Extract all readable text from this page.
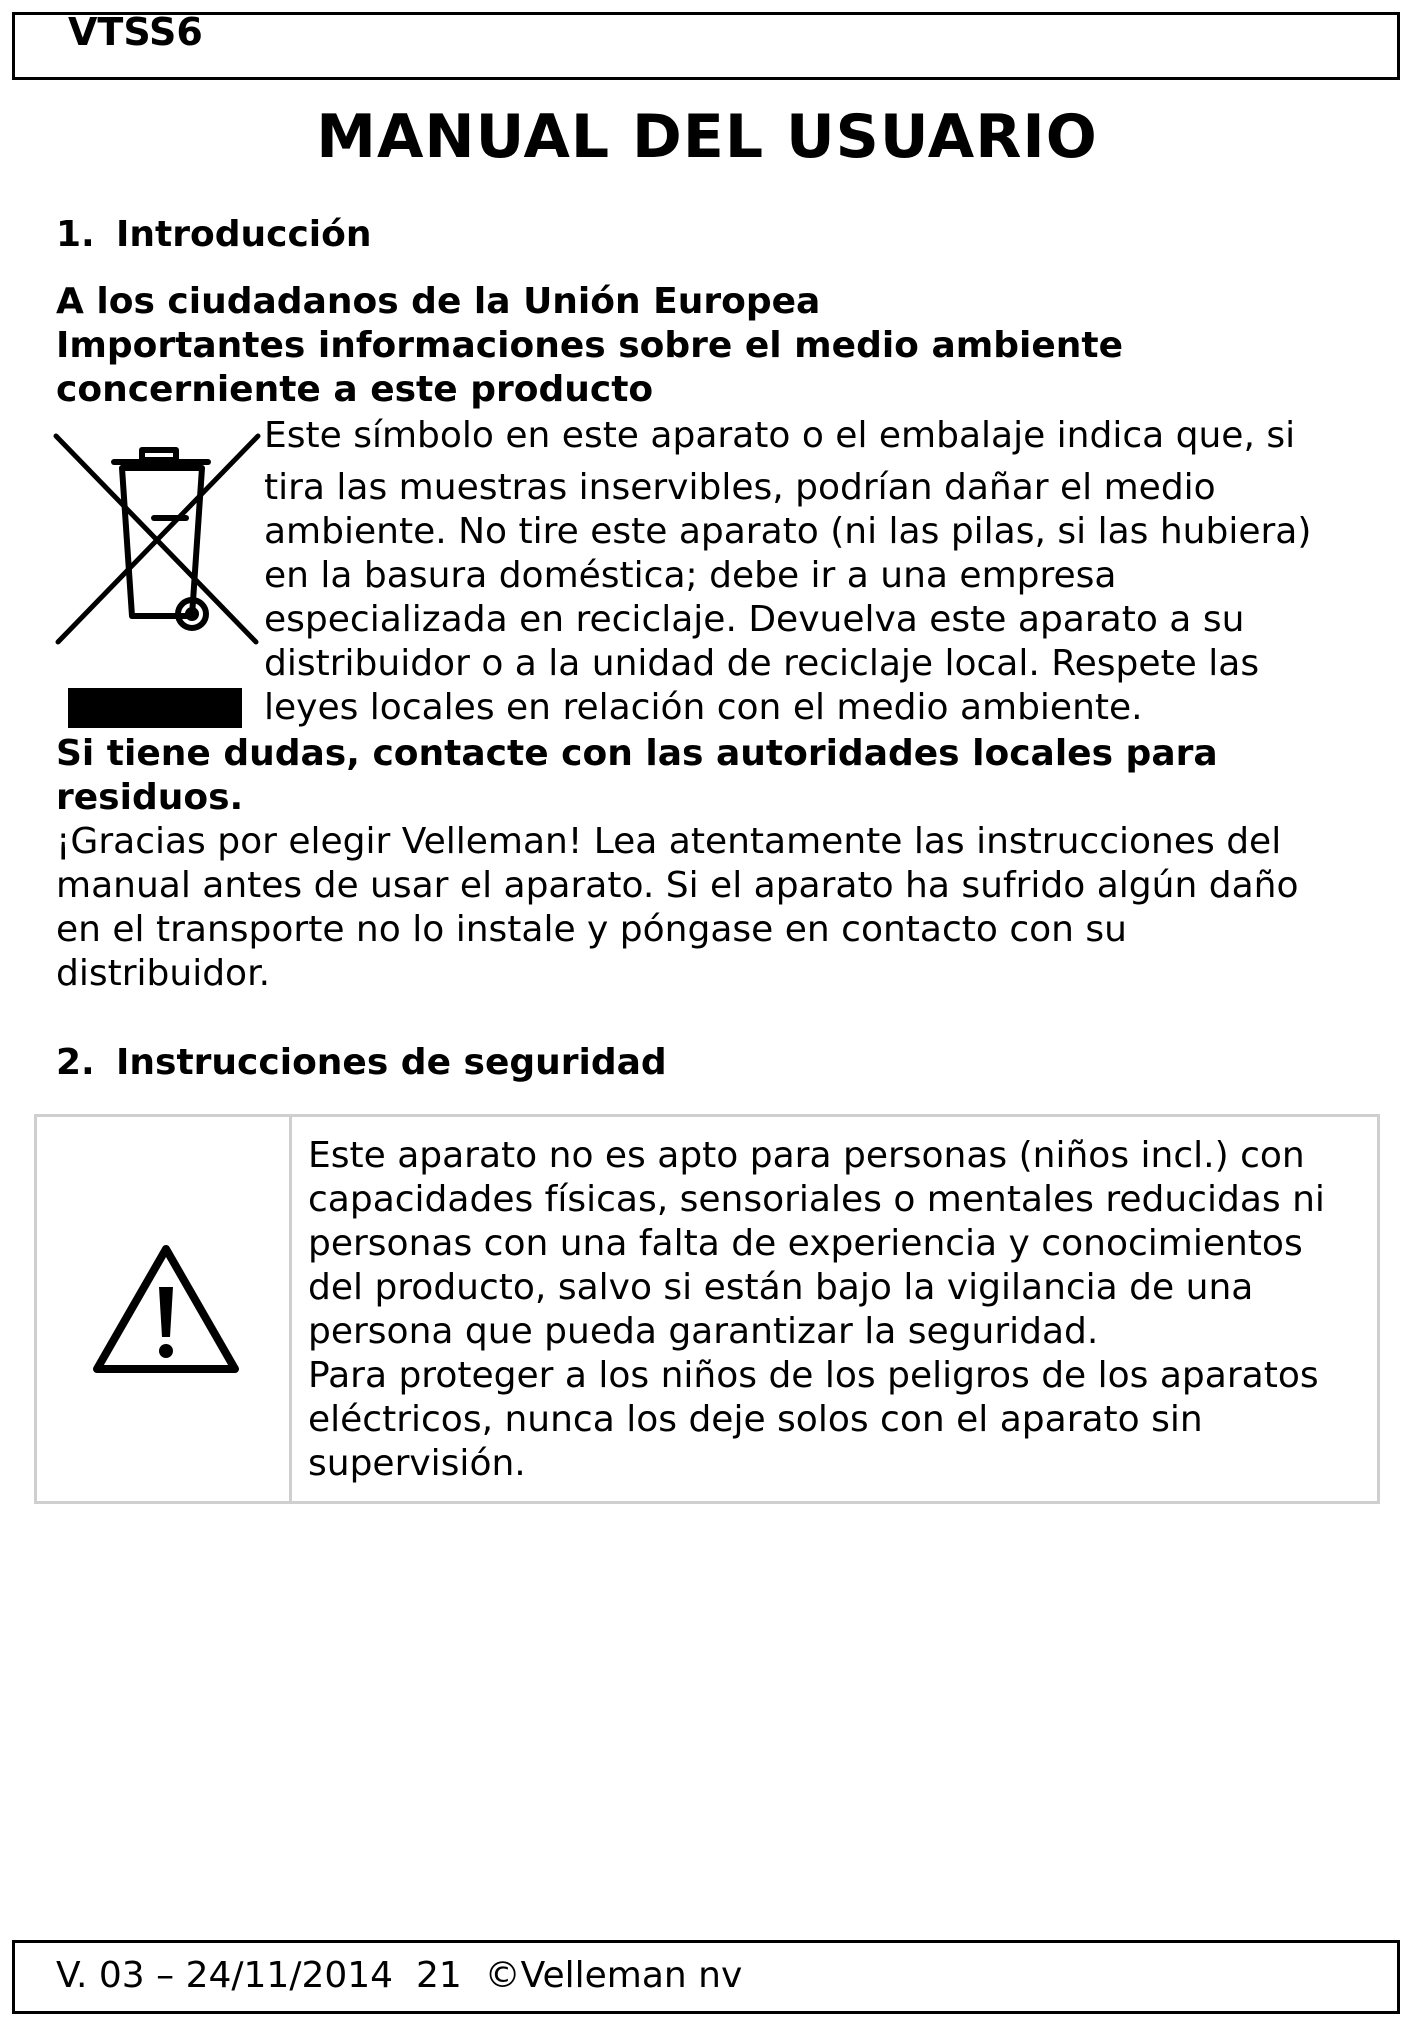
VTSS6
MANUAL DEL USUARIO
1. Introducción
A los ciudadanos de la Unión Europea
Importantes informaciones sobre el medio ambiente
concerniente a este producto
Este símbolo en este aparato o el embalaje indica que, si
tira las muestras inservibles, podrían dañar el medio
ambiente. No tire este aparato (ni las pilas, si las hubiera)
en la basura doméstica; debe ir a una empresa
especializada en reciclaje. Devuelva este aparato a su
distribuidor o a la unidad de reciclaje local. Respete las
leyes locales en relación con el medio ambiente.
Si tiene dudas, contacte con las autoridades locales para
residuos.
¡Gracias por elegir Velleman! Lea atentamente las instrucciones del
manual antes de usar el aparato. Si el aparato ha sufrido algún daño
en el transporte no lo instale y póngase en contacto con su
distribuidor.
2. Instrucciones de seguridad
Este aparato no es apto para personas (niños incl.) con
capacidades físicas, sensoriales o mentales reducidas ni
personas con una falta de experiencia y conocimientos
del producto, salvo si están bajo la vigilancia de una
persona que pueda garantizar la seguridad.
Para proteger a los niños de los peligros de los aparatos
eléctricos, nunca los deje solos con el aparato sin
supervisión.
V. 03 – 24/11/2014 21 ©Velleman nv
